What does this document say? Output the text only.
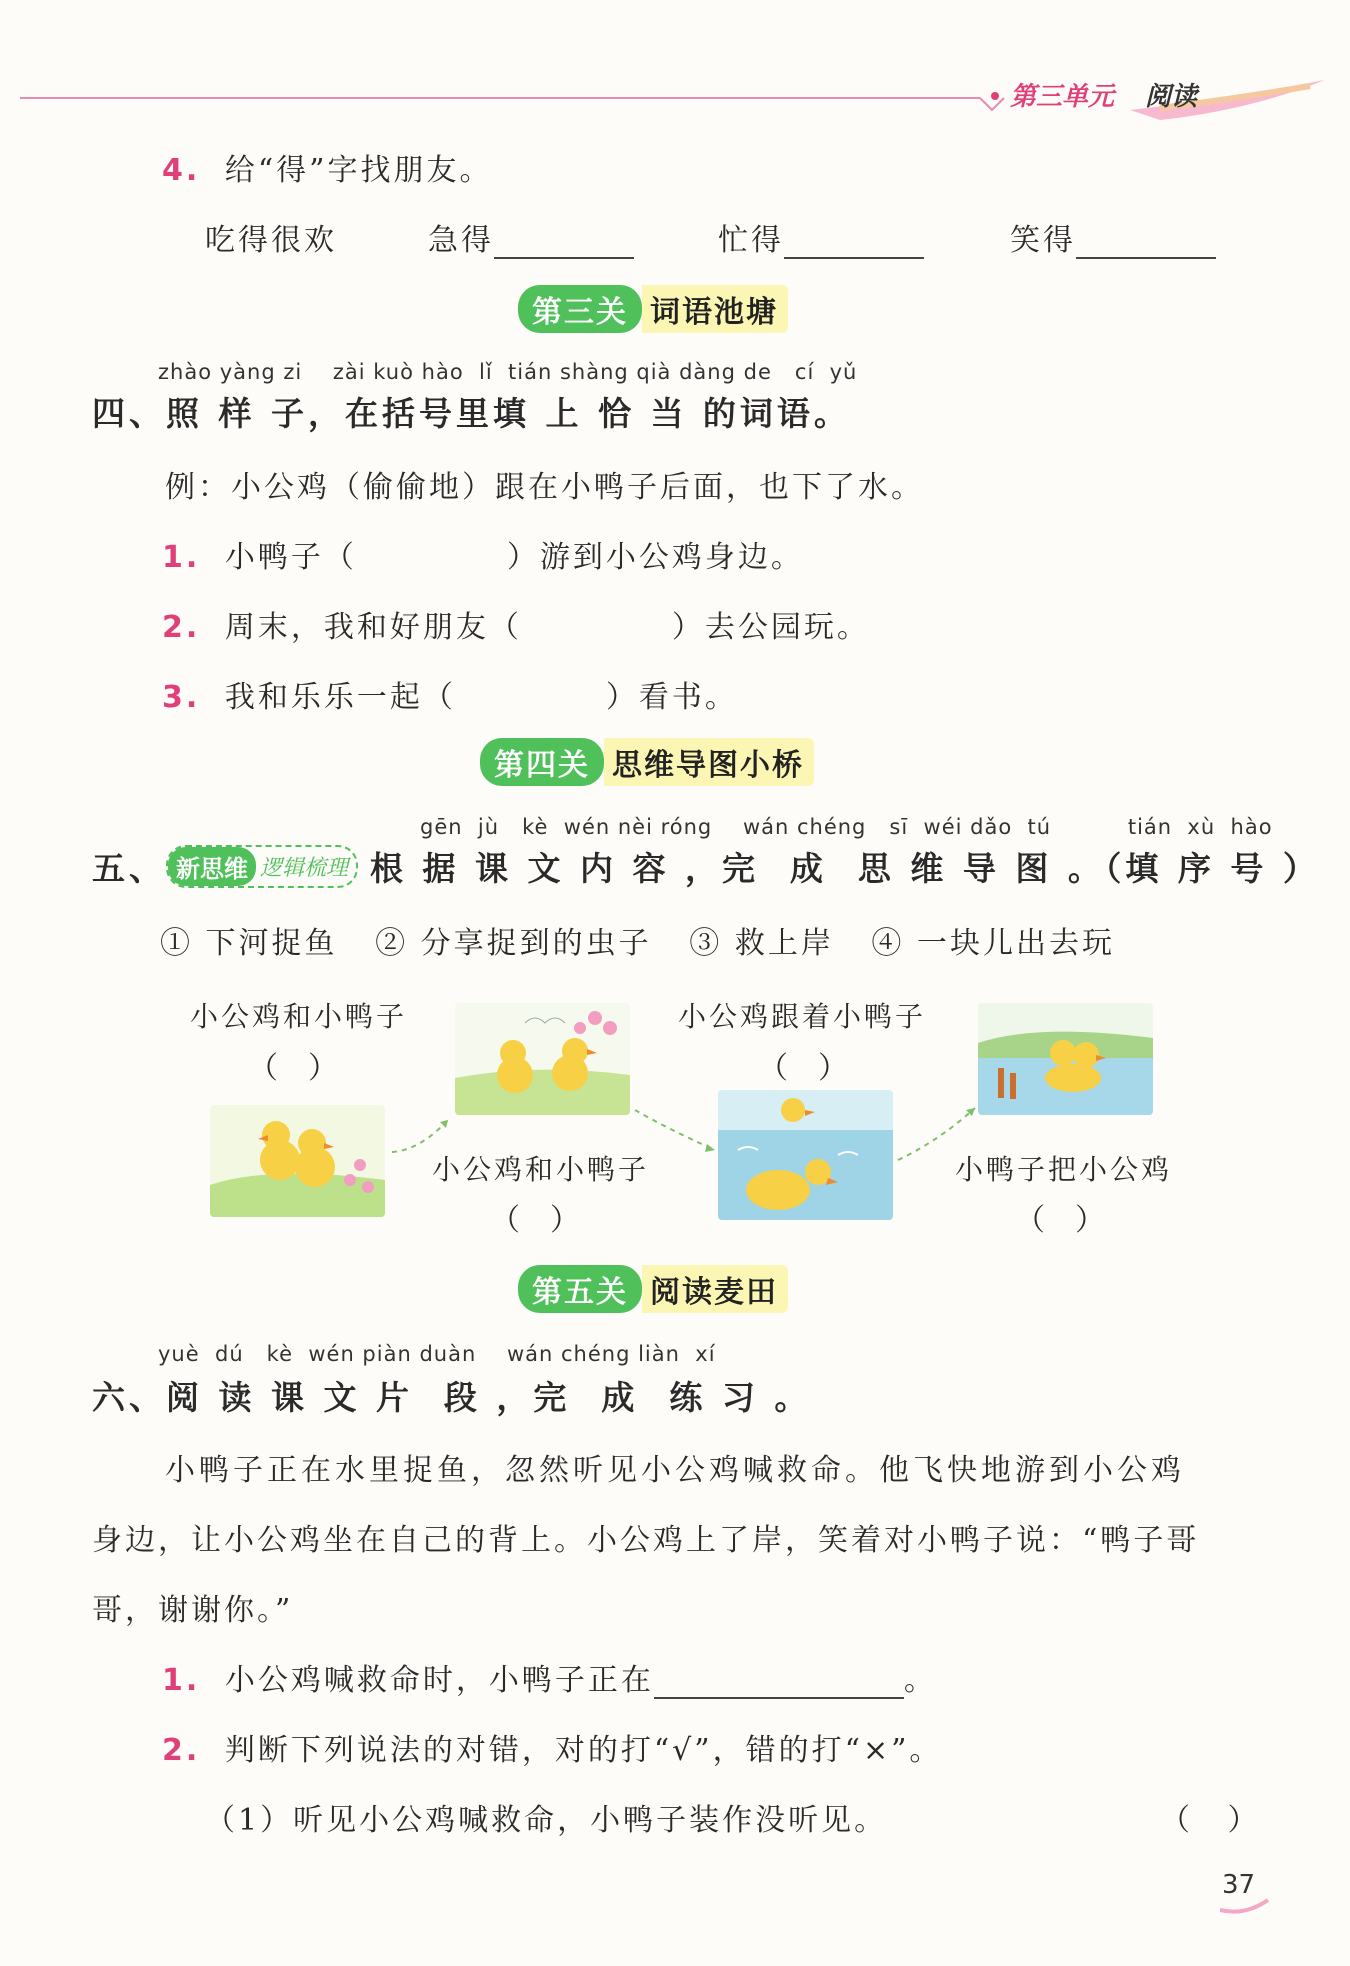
第三单元 阅读
4. 给“得”字找朋友。
吃得很欢	急得	忙得	笑得
第三关 词语池塘
zhào yàng zi    zài kuò hào  lǐ  tián shàng qià dàng de   cí  yǔ
四、照 样 子，在括号里填 上 恰 当 的词语。
例：小公鸡（偷偷地）跟在小鸭子后面，也下了水。
1. 小鸭子（	）游到小公鸡身边。
2. 周末，我和好朋友（	）去公园玩。
3. 我和乐乐一起（	）看书。
第四关 思维导图小桥
gēn  jù   kè  wén nèi róng    wán chéng   sī  wéi dǎo  tú          tián  xù  hào
五、 新思维 逻辑梳理 根 据 课 文 内 容 ，完  成  思 维 导 图 。（填 序 号 ）
① 下河捉鱼   ② 分享捉到的虫子   ③ 救上岸   ④ 一块儿出去玩
小公鸡和小鸭子
（）
小公鸡和小鸭子
（）
小公鸡跟着小鸭子
（）
小鸭子把小公鸡
（）
第五关 阅读麦田
yuè  dú   kè  wén piàn duàn    wán chéng liàn  xí
六、阅 读 课 文 片  段 ，完  成  练 习 。
小鸭子正在水里捉鱼，忽然听见小公鸡喊救命。他飞快地游到小公鸡
身边，让小公鸡坐在自己的背上。小公鸡上了岸，笑着对小鸭子说：“鸭子哥
哥，谢谢你。”
1. 小公鸡喊救命时，小鸭子正在	。
2. 判断下列说法的对错，对的打“√”，错的打“×”。
（1）听见小公鸡喊救命，小鸭子装作没听见。	（ ）
37
